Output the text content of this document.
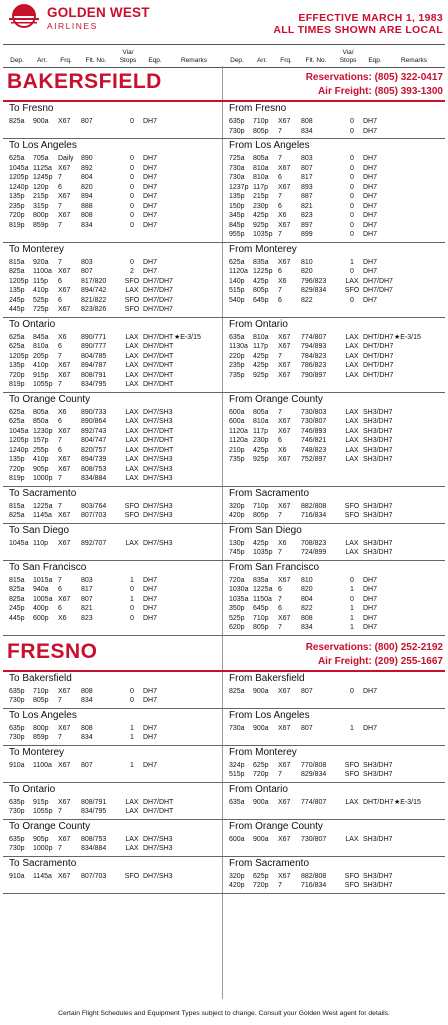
GOLDEN WEST
AIRLINES
EFFECTIVE MARCH 1, 1983
ALL TIMES SHOWN ARE LOCAL
Dep.	Arr.	Frq.	Flt. No.
Via/
Stops	Eqp.	Remarks	Dep.	Arr.	Frq.	Flt. No.
Via/
Stops	Eqp.	Remarks
BAKERSFIELD	Reservations: (805) 322-0417
Air Freight: (805) 393-1300
To Fresno
825a 900a X67 807	0	DH7
From Fresno
635p 710p X67 808	0	DH7
730p 805p 7	834	0	DH7
To Los Angeles
625a 705a Daily 890	0	DH7
1045a 1125a X67 892	0	DH7
1205p 1245p 7	804	0	DH7
1240p 120p 6	820	0	DH7
135p 215p X67 894	0	DH7
235p 315p 7	888	0	DH7
720p 800p X67 808	0	DH7
819p 859p 7	834	0	DH7
From Los Angeles
725a 805a 7	803	0	DH7
730a 810a X67 807	0	DH7
730a 810a 6	817	0	DH7
1237p 117p X67 893	0	DH7
135p 215p 7	887	0	DH7
150p 230p 6	821	0	DH7
345p 425p X6 823	0	DH7
845p 925p X67 897	0	DH7
955p 1035p 7	899	0	DH7
To Monterey
815a 920a 7	803	0	DH7
825a 1100a X67 807	2	DH7
1205p 115p 6	817/820	SFO DH7/DH7
135p 410p X67 894/742	LAX DH7/DH7
245p 525p 6	821/822	SFO DH7/DH7
445p 725p X67 823/826	SFO DH7/DH7
From Monterey
625a 835a X67 810	1	DH7
1120a 1225p 6	820	0	DH7
140p 425p X6 796/823	LAX DH7/DH7
515p 805p 7	829/834	SFO DH7/DH7
540p 645p 6	822	0	DH7
To Ontario
625a 845a X6 890/771	LAX DH7/DHT ★E-3/15
625a 810a 6	890/777	LAX DH7/DHT
1205p 205p 7	804/785	LAX DH7/DHT
135p 410p X67 894/787	LAX DH7/DHT
720p 915p X67 808/791	LAX DH7/DHT
819p 1055p 7	834/795	LAX DH7/DHT
From Ontario
635a 810a X67 774/807	LAX DHT/DH7 ★E-3/15
1130a 117p X67 794/893	LAX DHT/DH7
220p 425p 7	784/823	LAX DHT/DH7
235p 425p X67 786/823	LAX DHT/DH7
735p 925p X67 790/897	LAX DHT/DH7
To Orange County
625a 805a X6 890/733	LAX DH7/SH3
625a 850a 6	890/864	LAX DH7/SH3
1045a 1230p X67 892/743	LAX DH7/DHT
1205p 157p 7	804/747	LAX DH7/DHT
1240p 255p 6	820/757	LAX DH7/DHT
135p 410p X67 894/739	LAX DH7/SH3
720p 905p X67 808/753	LAX DH7/SH3
819p 1000p 7	834/884	LAX DH7/SH3
From Orange County
600a 805a 7	730/803	LAX SH3/DH7
600a 810a X67 730/807	LAX SH3/DH7
1120a 117p X67 746/893	LAX SH3/DH7
1120a 230p 6	746/821	LAX SH3/DH7
210p 425p X6 748/823	LAX SH3/DH7
735p 925p X67 752/897	LAX SH3/DH7
To Sacramento
815a 1225a 7	803/764	SFO DH7/SH3
825a 1145a X67 807/703	SFO DH7/SH3
From Sacramento
320p 710p X67 882/808	SFO SH3/DH7
420p 805p 7	716/834	SFO SH3/DH7
To San Diego
1045a 110p X67 892/707	LAX DH7/SH3
From San Diego
130p 425p X6 708/823	LAX SH3/DH7
745p 1035p 7	724/899	LAX SH3/DH7
To San Francisco
815a 1015a 7	803	1	DH7
825a 940a 6	817	0	DH7
825a 1005a X67 807	1	DH7
245p 400p 6	821	0	DH7
445p 600p X6 823	0	DH7
From San Francisco
720a 835a X67 810	0	DH7
1030a 1225a 6	820	1	DH7
1035a 1150a 7	804	0	DH7
350p 645p 6	822	1	DH7
525p 710p X67 808	1	DH7
620p 805p 7	834	1	DH7
FRESNO	Reservations: (800) 252-2192
Air Freight: (209) 255-1667
To Bakersfield
635p 710p X67 808	0	DH7
730p 805p 7	834	0	DH7
From Bakersfield
825a 900a X67 807	0	DH7
To Los Angeles
635p 800p X67 808	1	DH7
730p 859p 7	834	1	DH7
From Los Angeles
730a 900a X67 807	1	DH7
To Monterey
910a 1100a X67 807	1	DH7
From Monterey
324p 625p X67 770/808	SFO SH3/DH7
515p 720p 7	829/834	SFO SH3/DH7
To Ontario
635p 915p X67 808/791	LAX DH7/DHT
730p 1055p 7	834/795	LAX DH7/DHT
From Ontario
635a 900a X67 774/807	LAX DHT/DH7 ★E-3/15
To Orange County
635p 905p X67 808/753	LAX DH7/SH3
730p 1000p 7	834/884	LAX DH7/SH3
From Orange County
600a 900a X67 730/807	LAX SH3/DH7
To Sacramento
910a 1145a X67 807/703	SFO DH7/SH3
From Sacramento
320p 625p X67 882/808	SFO SH3/DH7
420p 720p 7	716/834	SFO SH3/DH7
Certain Flight Schedules and Equipment Types subject to change. Consult your Golden West agent for details.
